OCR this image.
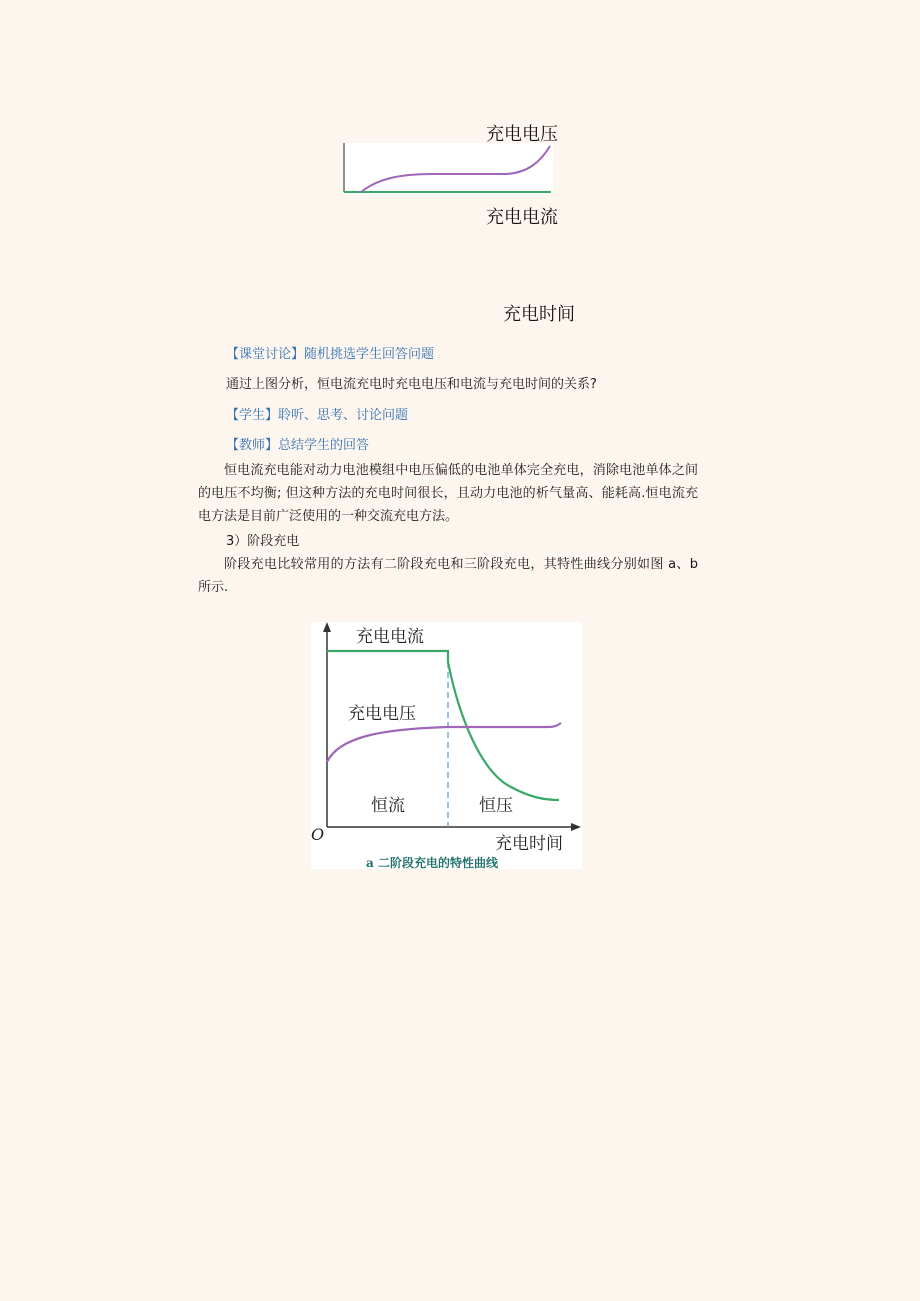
充电电压
充电电流
充电时间
【课堂讨论】随机挑选学生回答问题
通过上图分析，恒电流充电时充电电压和电流与充电时间的关系?
【学生】聆听、思考、讨论问题
【教师】总结学生的回答
恒电流充电能对动力电池模组中电压偏低的电池单体完全充电，消除电池单体之间的电压不均衡; 但这种方法的充电时间很长，且动力电池的析气量高、能耗高.恒电流充电方法是目前广泛使用的一种交流充电方法。
3）阶段充电
阶段充电比较常用的方法有二阶段充电和三阶段充电，其特性曲线分别如图 a、b 所示.
充电电流
充电电压
恒流	恒压
O	充电时间
a 二阶段充电的特性曲线
